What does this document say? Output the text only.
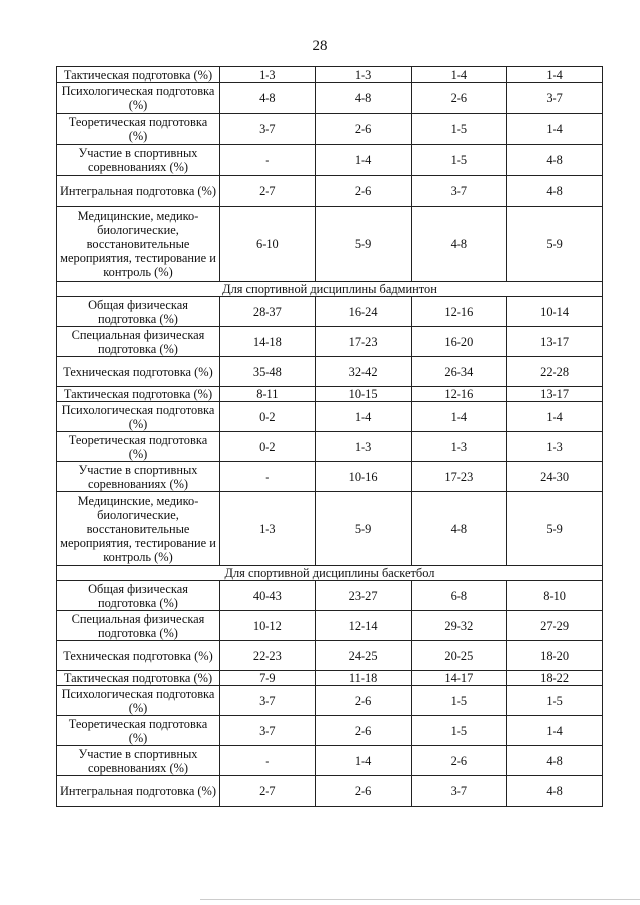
28
Тактическая подготовка (%)	1-3	1-3	1-4	1-4
Психологическая подготовка (%)	4-8	4-8	2-6	3-7
Теоретическая подготовка (%)	3-7	2-6	1-5	1-4
Участие в спортивных соревнованиях (%)	-	1-4	1-5	4-8
Интегральная подготовка (%)	2-7	2-6	3-7	4-8
Медицинские, медико-биологические, восстановительные мероприятия, тестирование и контроль (%)	6-10	5-9	4-8	5-9
Для спортивной дисциплины бадминтон				
Общая физическая подготовка (%)	28-37	16-24	12-16	10-14
Специальная физическая подготовка (%)	14-18	17-23	16-20	13-17
Техническая подготовка (%)	35-48	32-42	26-34	22-28
Тактическая подготовка (%)	8-11	10-15	12-16	13-17
Психологическая подготовка (%)	0-2	1-4	1-4	1-4
Теоретическая подготовка (%)	0-2	1-3	1-3	1-3
Участие в спортивных соревнованиях (%)	-	10-16	17-23	24-30
Медицинские, медико-биологические, восстановительные мероприятия, тестирование и контроль (%)	1-3	5-9	4-8	5-9
Для спортивной дисциплины баскетбол				
Общая физическая подготовка (%)	40-43	23-27	6-8	8-10
Специальная физическая подготовка (%)	10-12	12-14	29-32	27-29
Техническая подготовка (%)	22-23	24-25	20-25	18-20
Тактическая подготовка (%)	7-9	11-18	14-17	18-22
Психологическая подготовка (%)	3-7	2-6	1-5	1-5
Теоретическая подготовка (%)	3-7	2-6	1-5	1-4
Участие в спортивных соревнованиях (%)	-	1-4	2-6	4-8
Интегральная подготовка (%)	2-7	2-6	3-7	4-8
